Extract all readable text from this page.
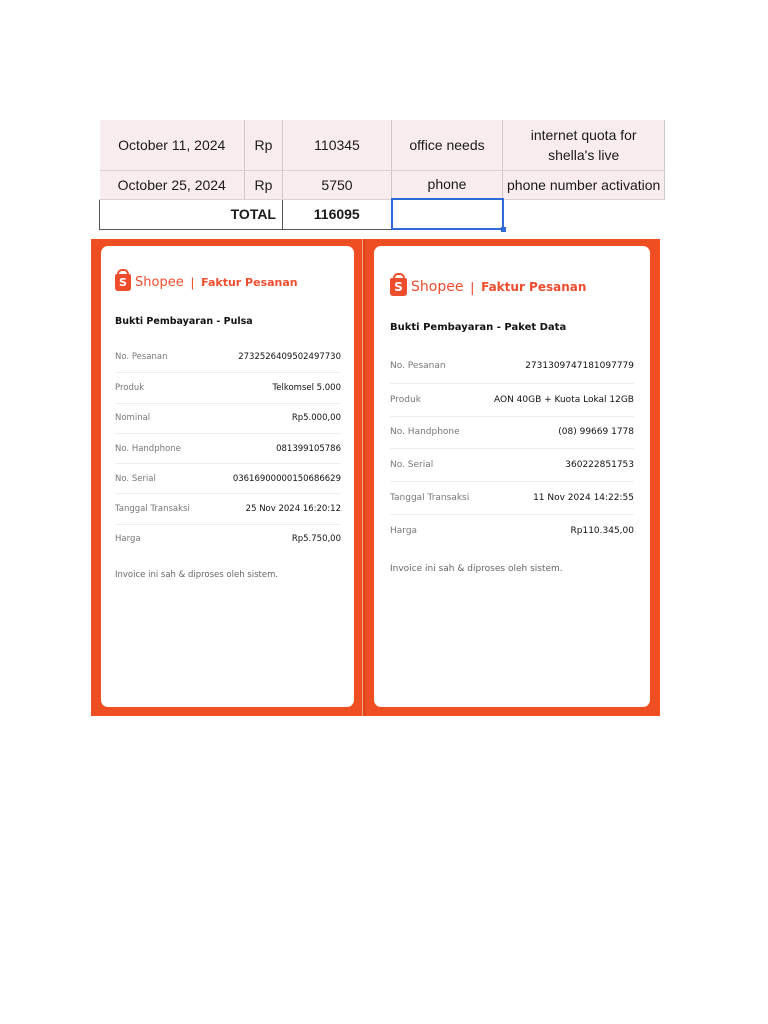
October 11, 2024	Rp	110345	office needs	internet quota for shella's live
October 25, 2024	Rp	5750	phone	phone number activation
TOTAL		116095		
S Shopee | Faktur Pesanan
Bukti Pembayaran - Pulsa
No. Pesanan	2732526409502497730
Produk	Telkomsel 5.000
Nominal	Rp5.000,00
No. Handphone	081399105786
No. Serial	03616900000150686629
Tanggal Transaksi	25 Nov 2024 16:20:12
Harga	Rp5.750,00
Invoice ini sah & diproses oleh sistem.
S Shopee | Faktur Pesanan
Bukti Pembayaran - Paket Data
No. Pesanan	2731309747181097779
Produk	AON 40GB + Kuota Lokal 12GB
No. Handphone	(08) 99669 1778
No. Serial	360222851753
Tanggal Transaksi	11 Nov 2024 14:22:55
Harga	Rp110.345,00
Invoice ini sah & diproses oleh sistem.
